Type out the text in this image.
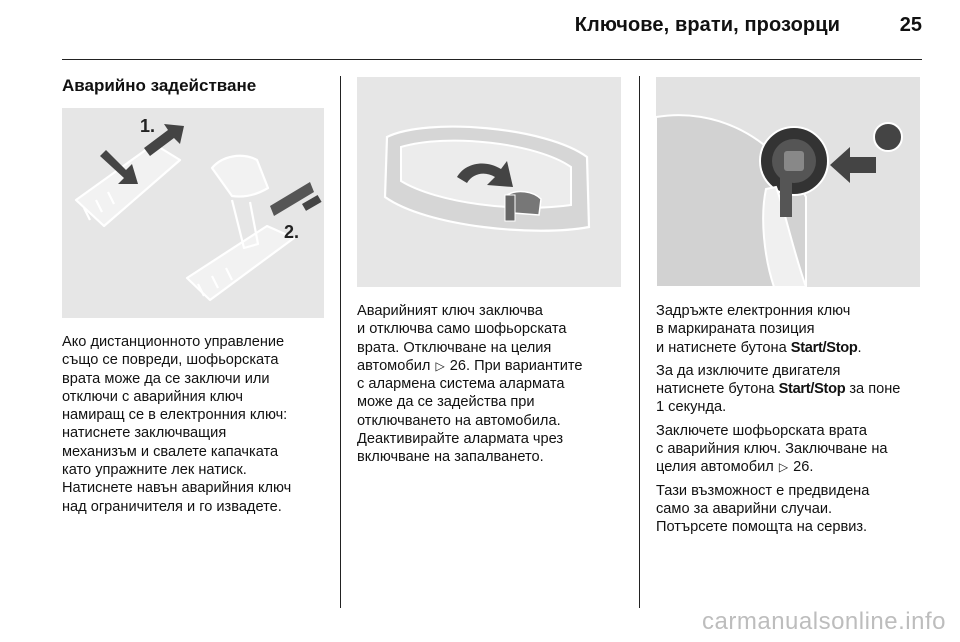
Ключове, врати, прозорци	25
Аварийно задействане
1.
2.
Ако дистанционното управление
също се повреди, шофьорската
врата може да се заключи или
отключи с аварийния ключ
намиращ се в електронния ключ:
натиснете заключващия
механизъм и свалете капачката
като упражните лек натиск.
Натиснете навън аварийния ключ
над ограничителя и го извадете.
Аварийният ключ заключва
и отключва само шофьорската
врата. Отключване на целия
автомобил ▷ 26. При вариантите
с алармена система алармата
може да се задейства при
отключването на автомобила.
Деактивирайте алармата чрез
включване на запалването.

Задръжте електронния ключ
в маркираната позиция
и натиснете бутона Start/Stop.

За да изключите двигателя
натиснете бутона Start/Stop за поне
1 секунда.

Заключете шофьорската врата
с аварийния ключ. Заключване на
целия автомобил ▷ 26.

Тази възможност е предвидена
само за аварийни случаи.
Потърсете помощта на сервиз.

carmanualsonline.info
